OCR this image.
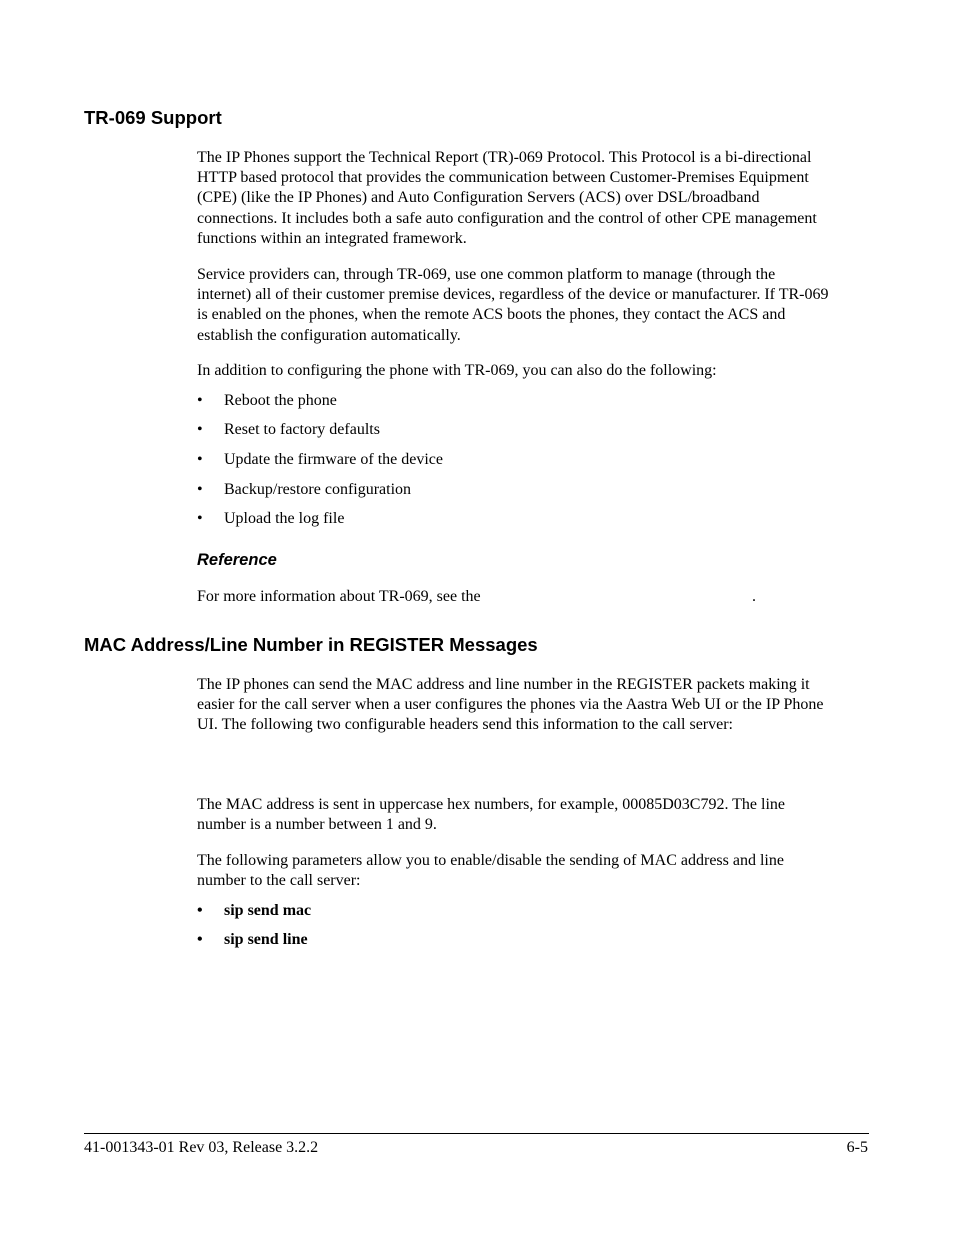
TR-069 Support

The IP Phones support the Technical Report (TR)-069 Protocol. This Protocol is a bi-directional
HTTP based protocol that provides the communication between Customer-Premises Equipment
(CPE) (like the IP Phones) and Auto Configuration Servers (ACS) over DSL/broadband
connections. It includes both a safe auto configuration and the control of other CPE management
functions within an integrated framework.

Service providers can, through TR-069, use one common platform to manage (through the
internet) all of their customer premise devices, regardless of the device or manufacturer. If TR-069
is enabled on the phones, when the remote ACS boots the phones, they contact the ACS and
establish the configuration automatically.

In addition to configuring the phone with TR-069, you can also do the following:

• Reboot the phone
• Reset to factory defaults
• Update the firmware of the device
• Backup/restore configuration
• Upload the log file
Reference
For more information about TR-069, see the	.
MAC Address/Line Number in REGISTER Messages

The IP phones can send the MAC address and line number in the REGISTER packets making it
easier for the call server when a user configures the phones via the Aastra Web UI or the IP Phone
UI. The following two configurable headers send this information to the call server:

The MAC address is sent in uppercase hex numbers, for example, 00085D03C792. The line
number is a number between 1 and 9.

The following parameters allow you to enable/disable the sending of MAC address and line
number to the call server:

• sip send mac
• sip send line
41-001343-01 Rev 03, Release 3.2.2	6-5
